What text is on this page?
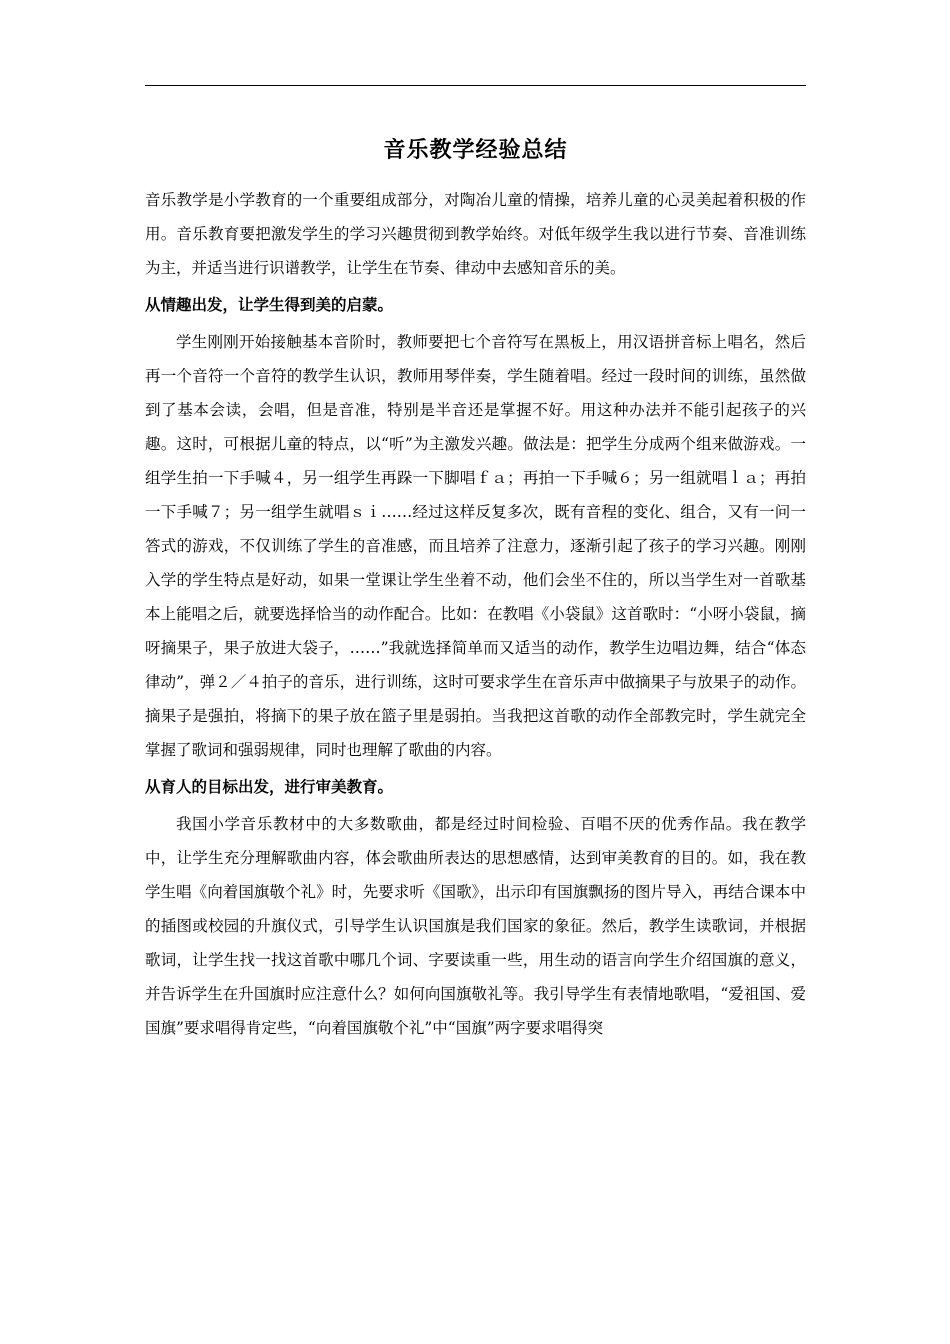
音乐教学经验总结

音乐教学是小学教育的一个重要组成部分，对陶冶儿童的情操，培养儿童的心灵美起着积极的作用。音乐教育要把激发学生的学习兴趣贯彻到教学始终。对低年级学生我以进行节奏、音准训练为主，并适当进行识谱教学，让学生在节奏、律动中去感知音乐的美。

从情趣出发，让学生得到美的启蒙。

学生刚刚开始接触基本音阶时，教师要把七个音符写在黑板上，用汉语拼音标上唱名，然后再一个音符一个音符的教学生认识，教师用琴伴奏，学生随着唱。经过一段时间的训练，虽然做到了基本会读，会唱，但是音准，特别是半音还是掌握不好。用这种办法并不能引起孩子的兴趣。这时，可根据儿童的特点，以“听”为主激发兴趣。做法是：把学生分成两个组来做游戏。一组学生拍一下手喊４，另一组学生再跺一下脚唱ｆａ；再拍一下手喊６；另一组就唱ｌａ；再拍一下手喊７；另一组学生就唱ｓｉ……经过这样反复多次，既有音程的变化、组合，又有一问一答式的游戏，不仅训练了学生的音准感，而且培养了注意力，逐渐引起了孩子的学习兴趣。刚刚入学的学生特点是好动，如果一堂课让学生坐着不动，他们会坐不住的，所以当学生对一首歌基本上能唱之后，就要选择恰当的动作配合。比如：在教唱《小袋鼠》这首歌时：“小呀小袋鼠，摘呀摘果子，果子放进大袋子，……”我就选择简单而又适当的动作，教学生边唱边舞，结合“体态律动”，弹２／４拍子的音乐，进行训练，这时可要求学生在音乐声中做摘果子与放果子的动作。摘果子是强拍，将摘下的果子放在篮子里是弱拍。当我把这首歌的动作全部教完时，学生就完全掌握了歌词和强弱规律，同时也理解了歌曲的内容。

从育人的目标出发，进行审美教育。

我国小学音乐教材中的大多数歌曲，都是经过时间检验、百唱不厌的优秀作品。我在教学中，让学生充分理解歌曲内容，体会歌曲所表达的思想感情，达到审美教育的目的。如，我在教学生唱《向着国旗敬个礼》时，先要求听《国歌》，出示印有国旗飘扬的图片导入，再结合课本中的插图或校园的升旗仪式，引导学生认识国旗是我们国家的象征。然后，教学生读歌词，并根据歌词，让学生找一找这首歌中哪几个词、字要读重一些，用生动的语言向学生介绍国旗的意义，并告诉学生在升国旗时应注意什么？如何向国旗敬礼等。我引导学生有表情地歌唱，“爱祖国、爱国旗”要求唱得肯定些，“向着国旗敬个礼”中“国旗”两字要求唱得突
